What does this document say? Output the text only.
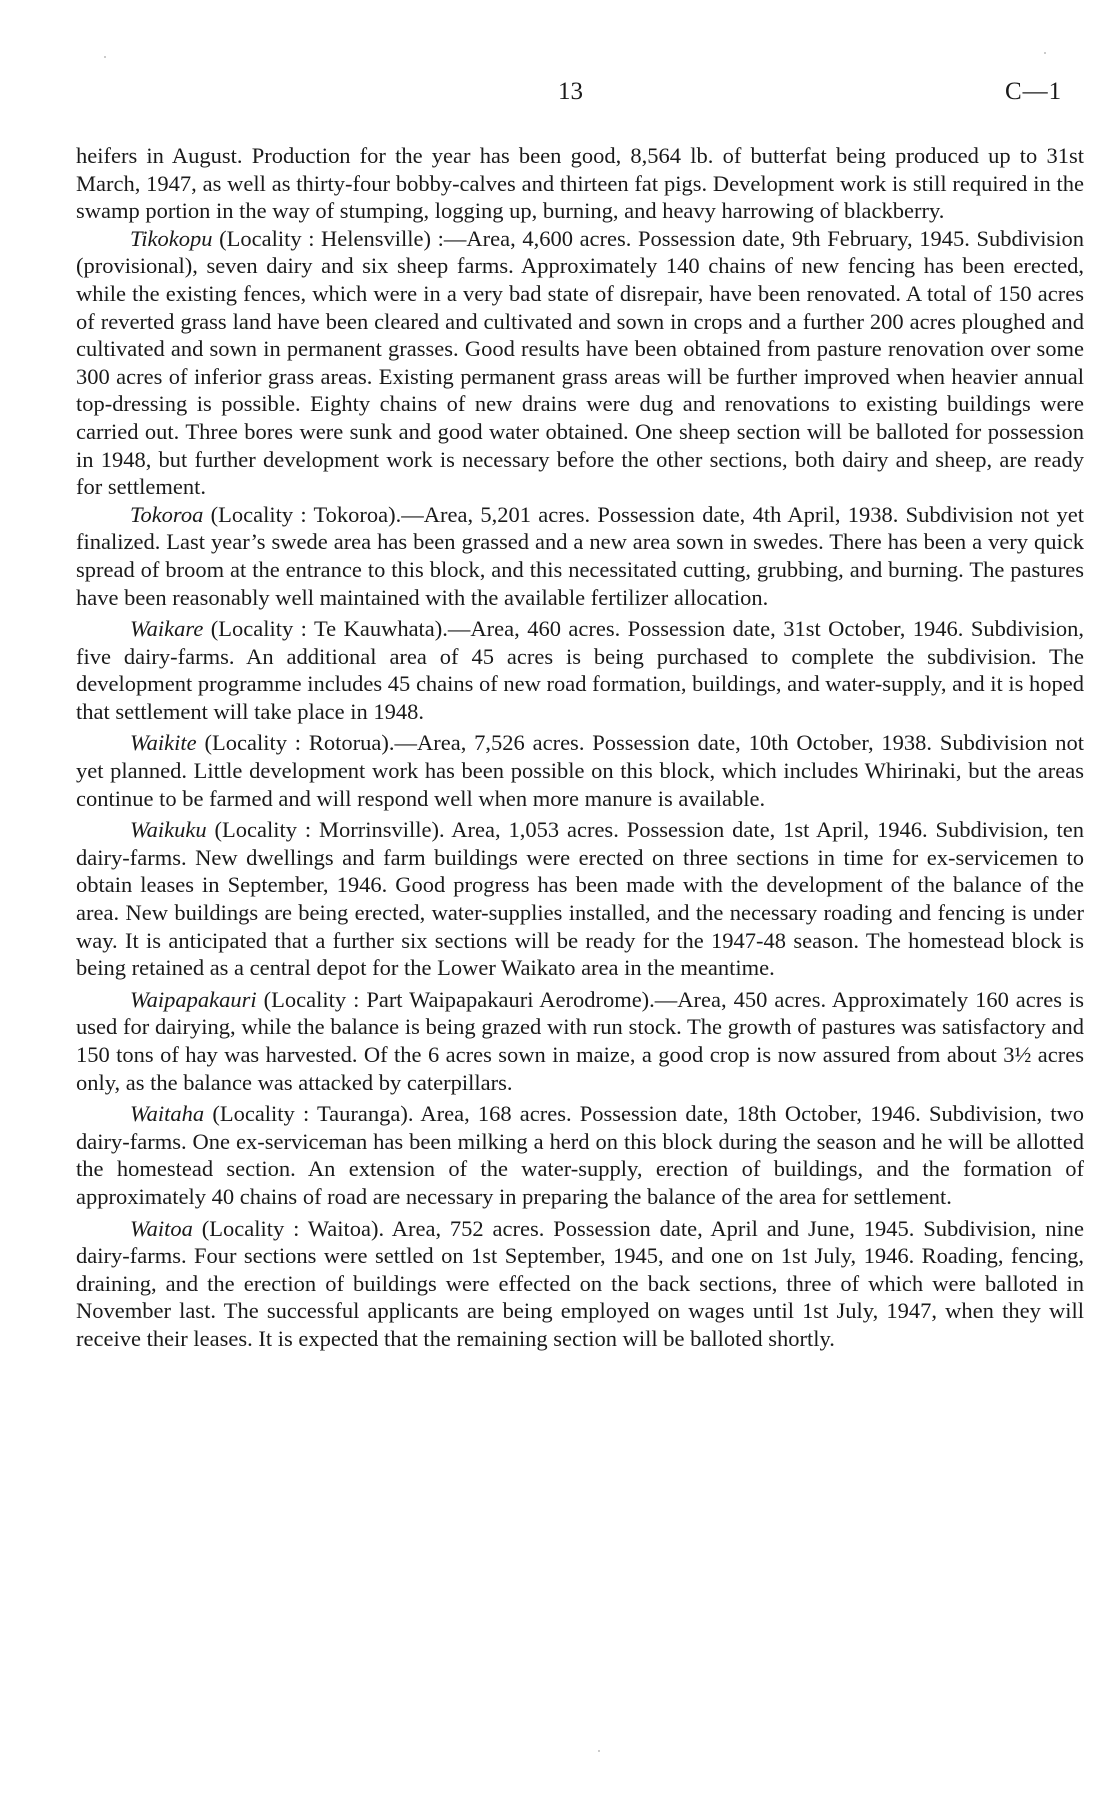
13	C—1

heifers in August. Production for the year has been good, 8,564 lb. of butterfat being produced up to 31st March, 1947, as well as thirty-four bobby-calves and thirteen fat pigs. Development work is still required in the swamp portion in the way of stumping, logging up, burning, and heavy harrowing of blackberry.

Tikokopu (Locality : Helensville) :—Area, 4,600 acres. Possession date, 9th February, 1945. Subdivision (provisional), seven dairy and six sheep farms. Approximately 140 chains of new fencing has been erected, while the existing fences, which were in a very bad state of disrepair, have been renovated. A total of 150 acres of reverted grass land have been cleared and cultivated and sown in crops and a further 200 acres ploughed and cultivated and sown in permanent grasses. Good results have been obtained from pasture renovation over some 300 acres of inferior grass areas. Existing permanent grass areas will be further improved when heavier annual top-dressing is possible. Eighty chains of new drains were dug and renovations to existing buildings were carried out. Three bores were sunk and good water obtained. One sheep section will be balloted for possession in 1948, but further development work is necessary before the other sections, both dairy and sheep, are ready for settlement.

Tokoroa (Locality : Tokoroa).—Area, 5,201 acres. Possession date, 4th April, 1938. Subdivision not yet finalized. Last year’s swede area has been grassed and a new area sown in swedes. There has been a very quick spread of broom at the entrance to this block, and this necessitated cutting, grubbing, and burning. The pastures have been reasonably well maintained with the available fertilizer allocation.

Waikare (Locality : Te Kauwhata).—Area, 460 acres. Possession date, 31st October, 1946. Subdivision, five dairy-farms. An additional area of 45 acres is being purchased to complete the subdivision. The development programme includes 45 chains of new road formation, buildings, and water-supply, and it is hoped that settlement will take place in 1948.

Waikite (Locality : Rotorua).—Area, 7,526 acres. Possession date, 10th October, 1938. Subdivision not yet planned. Little development work has been possible on this block, which includes Whirinaki, but the areas continue to be farmed and will respond well when more manure is available.

Waikuku (Locality : Morrinsville). Area, 1,053 acres. Possession date, 1st April, 1946. Subdivision, ten dairy-farms. New dwellings and farm buildings were erected on three sections in time for ex-servicemen to obtain leases in September, 1946. Good progress has been made with the development of the balance of the area. New buildings are being erected, water-supplies installed, and the necessary roading and fencing is under way. It is anticipated that a further six sections will be ready for the 1947-48 season. The homestead block is being retained as a central depot for the Lower Waikato area in the meantime.

Waipapakauri (Locality : Part Waipapakauri Aerodrome).—Area, 450 acres. Approximately 160 acres is used for dairying, while the balance is being grazed with run stock. The growth of pastures was satisfactory and 150 tons of hay was harvested. Of the 6 acres sown in maize, a good crop is now assured from about 3½ acres only, as the balance was attacked by caterpillars.

Waitaha (Locality : Tauranga). Area, 168 acres. Possession date, 18th October, 1946. Subdivision, two dairy-farms. One ex-serviceman has been milking a herd on this block during the season and he will be allotted the homestead section. An extension of the water-supply, erection of buildings, and the formation of approximately 40 chains of road are necessary in preparing the balance of the area for settlement.

Waitoa (Locality : Waitoa). Area, 752 acres. Possession date, April and June, 1945. Subdivision, nine dairy-farms. Four sections were settled on 1st September, 1945, and one on 1st July, 1946. Roading, fencing, draining, and the erection of buildings were effected on the back sections, three of which were balloted in November last. The successful applicants are being employed on wages until 1st July, 1947, when they will receive their leases. It is expected that the remaining section will be balloted shortly.
